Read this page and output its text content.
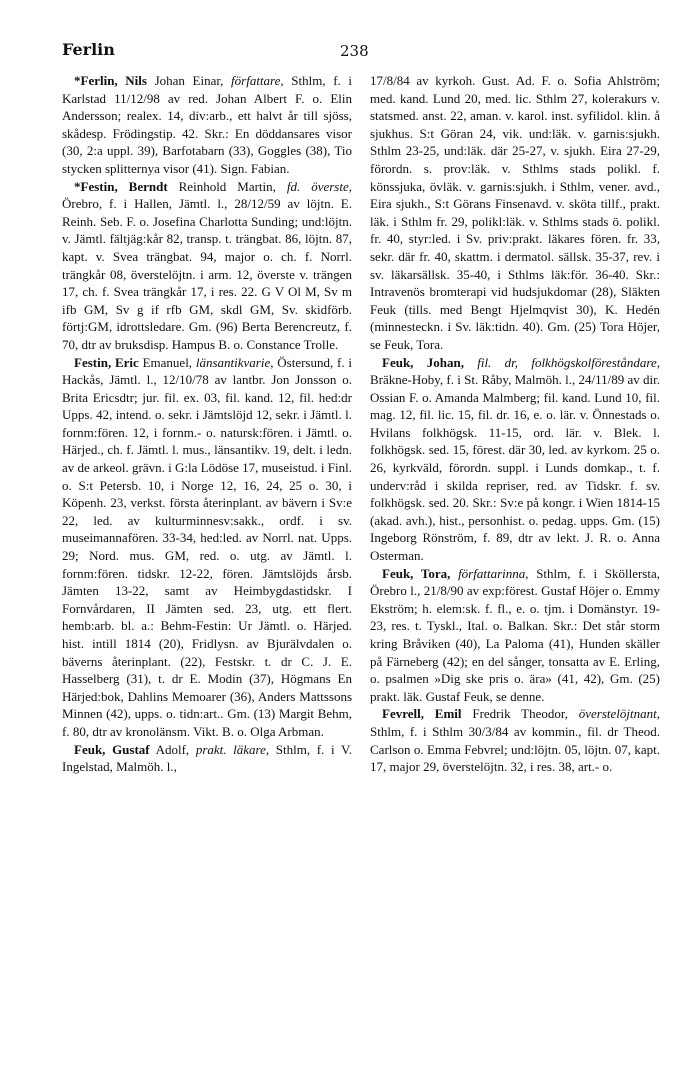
Ferlin	238

*Ferlin, Nils Johan Einar, författare, Sthlm, f. i Karlstad 11/12/98 av red. Johan Albert F. o. Elin Andersson; realex. 14, div:arb., ett halvt år till sjöss, skådesp. Frödingstip. 42. Skr.: En döddansares visor (30, 2:a uppl. 39), Barfotabarn (33), Goggles (38), Tio stycken splitternya visor (41). Sign. Fabian.

*Festin, Berndt Reinhold Martin, fd. överste, Örebro, f. i Hallen, Jämtl. l., 28/12/59 av löjtn. E. Reinh. Seb. F. o. Josefina Charlotta Sunding; und:löjtn. v. Jämtl. fältjäg:kår 82, transp. t. trängbat. 86, löjtn. 87, kapt. v. Svea trängbat. 94, major o. ch. f. Norrl. trängkår 08, överstelöjtn. i arm. 12, överste v. trängen 17, ch. f. Svea trängkår 17, i res. 22. G V Ol M, Sv m ifb GM, Sv g if rfb GM, skdl GM, Sv. skidförb. förtj:GM, idrottsledare. Gm. (96) Berta Berencreutz, f. 70, dtr av bruksdisp. Hampus B. o. Constance Trolle.

Festin, Eric Emanuel, länsantikvarie, Östersund, f. i Hackås, Jämtl. l., 12/10/78 av lantbr. Jon Jonsson o. Brita Ericsdtr; jur. fil. ex. 03, fil. kand. 12, fil. hed:dr Upps. 42, intend. o. sekr. i Jämtslöjd 12, sekr. i Jämtl. l. fornm:fören. 12, i fornm.- o. natursk:fören. i Jämtl. o. Härjed., ch. f. Jämtl. l. mus., länsantikv. 19, delt. i ledn. av de arkeol. grävn. i G:la Lödöse 17, museistud. i Finl. o. S:t Petersb. 10, i Norge 12, 16, 24, 25 o. 30, i Köpenh. 23, verkst. första återinplant. av bävern i Sv:e 22, led. av kulturminnesv:sakk., ordf. i sv. museimannafören. 33-34, hed:led. av Norrl. nat. Upps. 29; Nord. mus. GM, red. o. utg. av Jämtl. l. fornm:fören. tidskr. 12-22, fören. Jämtslöjds årsb. Jämten 13-22, samt av Heimbygdastidskr. I Fornvårdaren, II Jämten sed. 23, utg. ett flert. hemb:arb. bl. a.: Behm-Festin: Ur Jämtl. o. Härjed. hist. intill 1814 (20), Fridlysn. av Bjurälvdalen o. bäverns återinplant. (22), Festskr. t. dr C. J. E. Hasselberg (31), t. dr E. Modin (37), Högmans En Härjed:bok, Dahlins Memoarer (36), Anders Mattssons Minnen (42), upps. o. tidn:art.. Gm. (13) Margit Behm, f. 80, dtr av kronolänsm. Vikt. B. o. Olga Arbman.

Feuk, Gustaf Adolf, prakt. läkare, Sthlm, f. i V. Ingelstad, Malmöh. l.,

17/8/84 av kyrkoh. Gust. Ad. F. o. Sofia Ahlström; med. kand. Lund 20, med. lic. Sthlm 27, kolerakurs v. statsmed. anst. 22, aman. v. karol. inst. syfilidol. klin. å sjukhus. S:t Göran 24, vik. und:läk. v. garnis:sjukh. Sthlm 23-25, und:läk. där 25-27, v. sjukh. Eira 27-29, förordn. s. prov:läk. v. Sthlms stads polikl. f. könssjuka, övläk. v. garnis:sjukh. i Sthlm, vener. avd., Eira sjukh., S:t Görans Finsenavd. v. sköta tillf., prakt. läk. i Sthlm fr. 29, polikl:läk. v. Sthlms stads ö. polikl. fr. 40, styr:led. i Sv. priv:prakt. läkares fören. fr. 33, sekr. där fr. 40, skattm. i dermatol. sällsk. 35-37, rev. i sv. läkarsällsk. 35-40, i Sthlms läk:för. 36-40. Skr.: Intravenös bromterapi vid hudsjukdomar (28), Släkten Feuk (tills. med Bengt Hjelmqvist 30), K. Hedén (minnesteckn. i Sv. läk:tidn. 40). Gm. (25) Tora Höjer, se Feuk, Tora.

Feuk, Johan, fil. dr, folkhögskolföreståndare, Bräkne-Hoby, f. i St. Råby, Malmöh. l., 24/11/89 av dir. Ossian F. o. Amanda Malmberg; fil. kand. Lund 10, fil. mag. 12, fil. lic. 15, fil. dr. 16, e. o. lär. v. Önnestads o. Hvilans folkhögsk. 11-15, ord. lär. v. Blek. l. folkhögsk. sed. 15, förest. där 30, led. av kyrkom. 25 o. 26, kyrkväld, förordn. suppl. i Lunds domkap., t. f. underv:råd i skilda repriser, red. av Tidskr. f. sv. folkhögsk. sed. 20. Skr.: Sv:e på kongr. i Wien 1814-15 (akad. avh.), hist., personhist. o. pedag. upps. Gm. (15) Ingeborg Rönström, f. 89, dtr av lekt. J. R. o. Anna Osterman.

Feuk, Tora, författarinna, Sthlm, f. i Sköllersta, Örebro l., 21/8/90 av exp:förest. Gustaf Höjer o. Emmy Ekström; h. elem:sk. f. fl., e. o. tjm. i Domänstyr. 19-23, res. t. Tyskl., Ital. o. Balkan. Skr.: Det står storm kring Bråviken (40), La Paloma (41), Hunden skäller på Färneberg (42); en del sånger, tonsatta av E. Erling, o. psalmen »Dig ske pris o. ära» (41, 42), Gm. (25) prakt. läk. Gustaf Feuk, se denne.

Fevrell, Emil Fredrik Theodor, överstelöjtnant, Sthlm, f. i Sthlm 30/3/84 av kommin., fil. dr Theod. Carlson o. Emma Febvrel; und:löjtn. 05, löjtn. 07, kapt. 17, major 29, överstelöjtn. 32, i res. 38, art.- o.
